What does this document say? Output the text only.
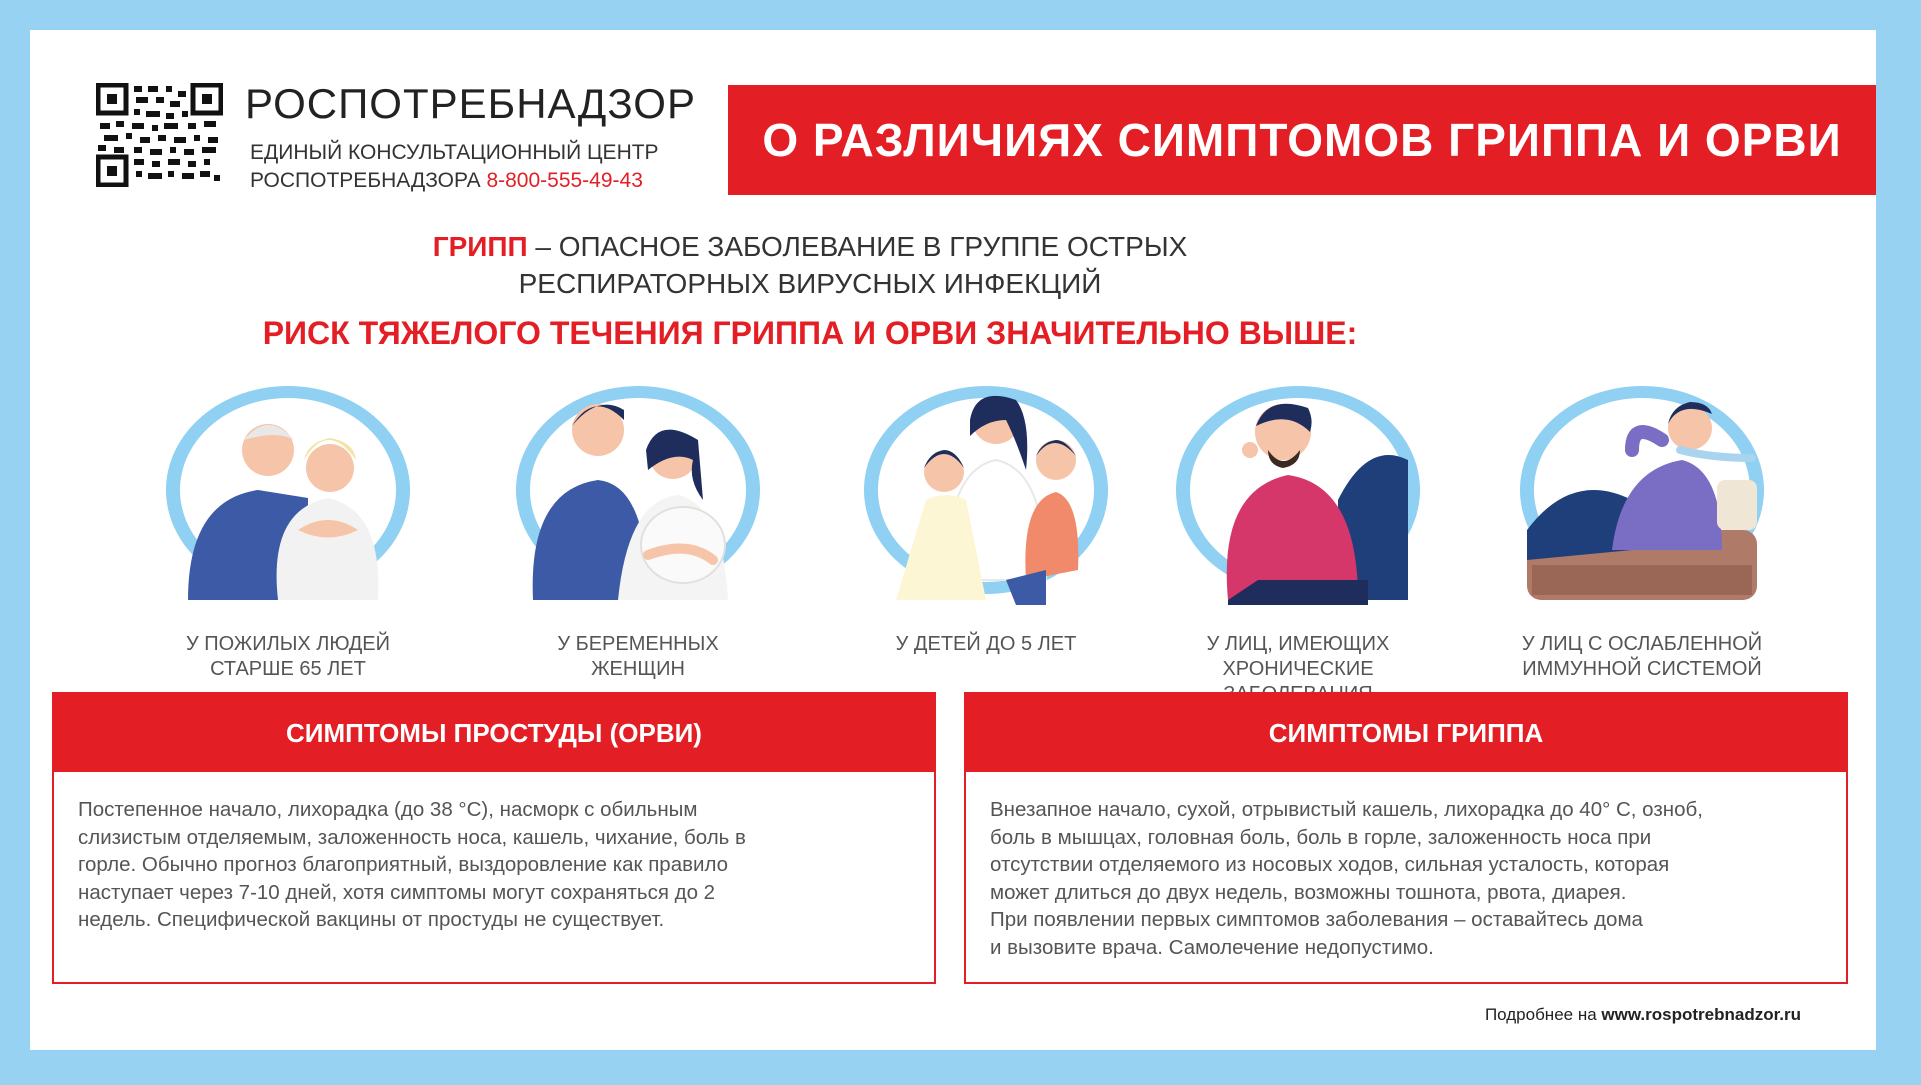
РОСПОТРЕБНАДЗОР
ЕДИНЫЙ КОНСУЛЬТАЦИОННЫЙ ЦЕНТР
РОСПОТРЕБНАДЗОРА 8-800-555-49-43
О РАЗЛИЧИЯХ СИМПТОМОВ ГРИППА И ОРВИ
ГРИПП – ОПАСНОЕ ЗАБОЛЕВАНИЕ В ГРУППЕ ОСТРЫХ
РЕСПИРАТОРНЫХ ВИРУСНЫХ ИНФЕКЦИЙ
РИСК ТЯЖЕЛОГО ТЕЧЕНИЯ ГРИППА И ОРВИ ЗНАЧИТЕЛЬНО ВЫШЕ:
У ПОЖИЛЫХ ЛЮДЕЙ
СТАРШЕ 65 ЛЕТ
У БЕРЕМЕННЫХ
ЖЕНЩИН
У ДЕТЕЙ ДО 5 ЛЕТ	У ЛИЦ, ИМЕЮЩИХ
ХРОНИЧЕСКИЕ
У ЛИЦ С ОСЛАБЛЕННОЙ
ИММУННОЙ СИСТЕМОЙ
СИМПТОМЫ ПРОСТУДЫ (ОРВИ)

Постепенное начало, лихорадка (до 38 °С), насморк с обильным

слизистым отделяемым, заложенность носа, кашель, чихание, боль в

горле. Обычно прогноз благоприятный, выздоровление как правило

наступает через 7-10 дней, хотя симптомы могут сохраняться до 2

недель. Специфической вакцины от простуды не существует.

СИМПТОМЫ ГРИППА

Внезапное начало, сухой, отрывистый кашель, лихорадка до 40° С, озноб,

боль в мышцах, головная боль, боль в горле, заложенность носа при

отсутствии отделяемого из носовых ходов, сильная усталость, которая

может длиться до двух недель, возможны тошнота, рвота, диарея.

При появлении первых симптомов заболевания – оставайтесь дома

и вызовите врача. Самолечение недопустимо.

Подробнее на www.rospotrebnadzor.ru
